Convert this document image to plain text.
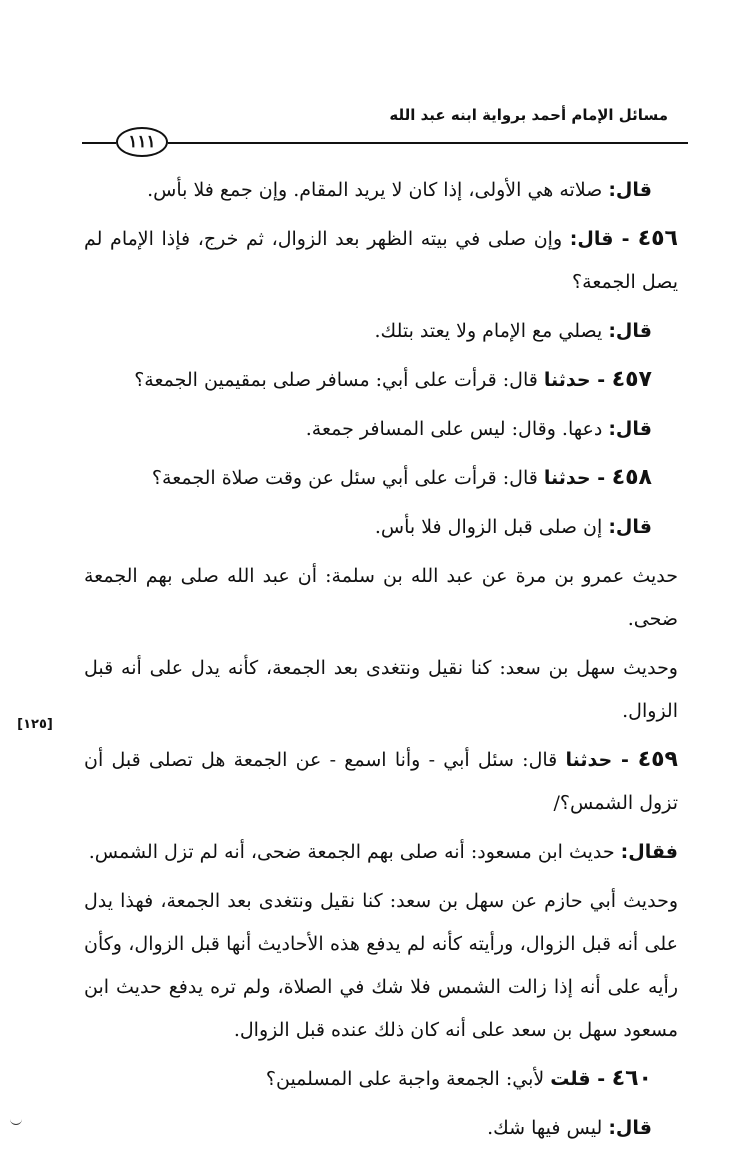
مسائل الإمام أحمد برواية ابنه عبد الله
١١١

قال: صلاته هي الأولى، إذا كان لا يريد المقام. وإن جمع فلا بأس.

٤٥٦ - قال: وإن صلى في بيته الظهر بعد الزوال، ثم خرج، فإذا الإمام لم يصل الجمعة؟

قال: يصلي مع الإمام ولا يعتد بتلك.

٤٥٧ - حدثنا قال: قرأت على أبي: مسافر صلى بمقيمين الجمعة؟

قال: دعها. وقال: ليس على المسافر جمعة.

٤٥٨ - حدثنا قال: قرأت على أبي سئل عن وقت صلاة الجمعة؟

قال: إن صلى قبل الزوال فلا بأس.

حديث عمرو بن مرة عن عبد الله بن سلمة: أن عبد الله صلى بهم الجمعة ضحى.

وحديث سهل بن سعد: كنا نقيل ونتغدى بعد الجمعة، كأنه يدل على أنه قبل الزوال.

٤٥٩ - حدثنا قال: سئل أبي - وأنا اسمع - عن الجمعة هل تصلى قبل أن تزول الشمس؟/

فقال: حديث ابن مسعود: أنه صلى بهم الجمعة ضحى، أنه لم تزل الشمس.

وحديث أبي حازم عن سهل بن سعد: كنا نقيل ونتغدى بعد الجمعة، فهذا يدل على أنه قبل الزوال، ورأيته كأنه لم يدفع هذه الأحاديث أنها قبل الزوال، وكأن رأيه على أنه إذا زالت الشمس فلا شك في الصلاة، ولم تره يدفع حديث ابن مسعود سهل بن سعد على أنه كان ذلك عنده قبل الزوال.

٤٦٠ - قلت لأبي: الجمعة واجبة على المسلمين؟

قال: ليس فيها شك.

[١٢٥]
